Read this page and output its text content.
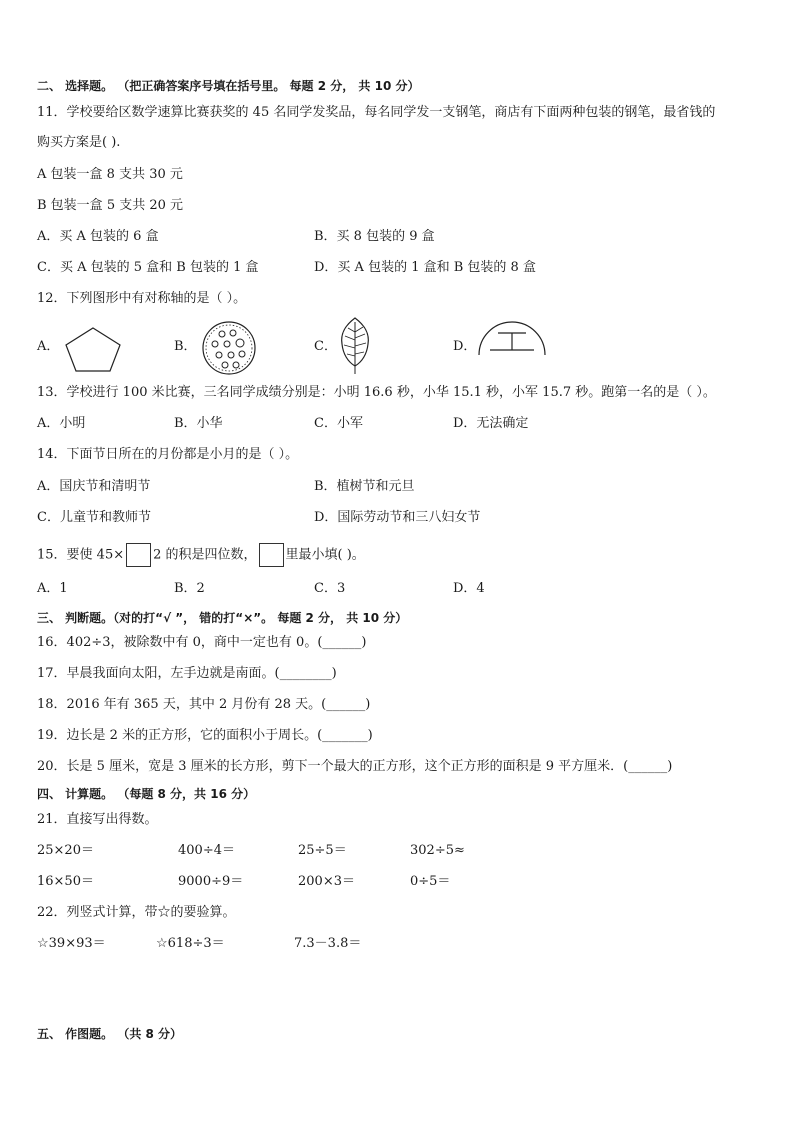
二、 选择题。 （把正确答案序号填在括号里。 每题 2 分， 共 10 分）
11．学校要给区数学速算比赛获奖的 45 名同学发奖品，每名同学发一支钢笔，商店有下面两种包装的钢笔，最省钱的
购买方案是( ).
A 包装一盒 8 支共 30 元
B 包装一盒 5 支共 20 元
A．买 A 包装的 6 盒	B．买 8 包装的 9 盒
C．买 A 包装的 5 盒和 B 包装的 1 盒	D．买 A 包装的 1 盒和 B 包装的 8 盒
12．下列图形中有对称轴的是（ ）。
A．	B．	C．	D．
13．学校进行 100 米比赛，三名同学成绩分别是：小明 16.6 秒，小华 15.1 秒，小军 15.7 秒。跑第一名的是（ ）。
A．小明	B．小华	C．小军	D．无法确定
14．下面节日所在的月份都是小月的是（ ）。
A．国庆节和清明节	B．植树节和元旦
C．儿童节和教师节	D．国际劳动节和三八妇女节
15．要使 45× 2 的积是四位数， 里最小填( )。
A．1	B．2	C．3	D．4
三、 判断题。（对的打“√ ”， 错的打“×”。 每题 2 分， 共 10 分）
16．402÷3，被除数中有 0，商中一定也有 0。(______)
17．早晨我面向太阳，左手边就是南面。(________)
18．2016 年有 365 天，其中 2 月份有 28 天。(______)
19．边长是 2 米的正方形，它的面积小于周长。(_______)
20．长是 5 厘米，宽是 3 厘米的长方形，剪下一个最大的正方形，这个正方形的面积是 9 平方厘米．(______)
四、 计算题。 （每题 8 分，共 16 分）
21．直接写出得数。
25×20＝	400÷4＝	25÷5＝	302÷5≈
16×50＝	9000÷9＝	200×3＝	0÷5＝
22．列竖式计算，带☆的要验算。
☆39×93＝	☆618÷3＝	7.3－3.8＝
五、 作图题。 （共 8 分）
